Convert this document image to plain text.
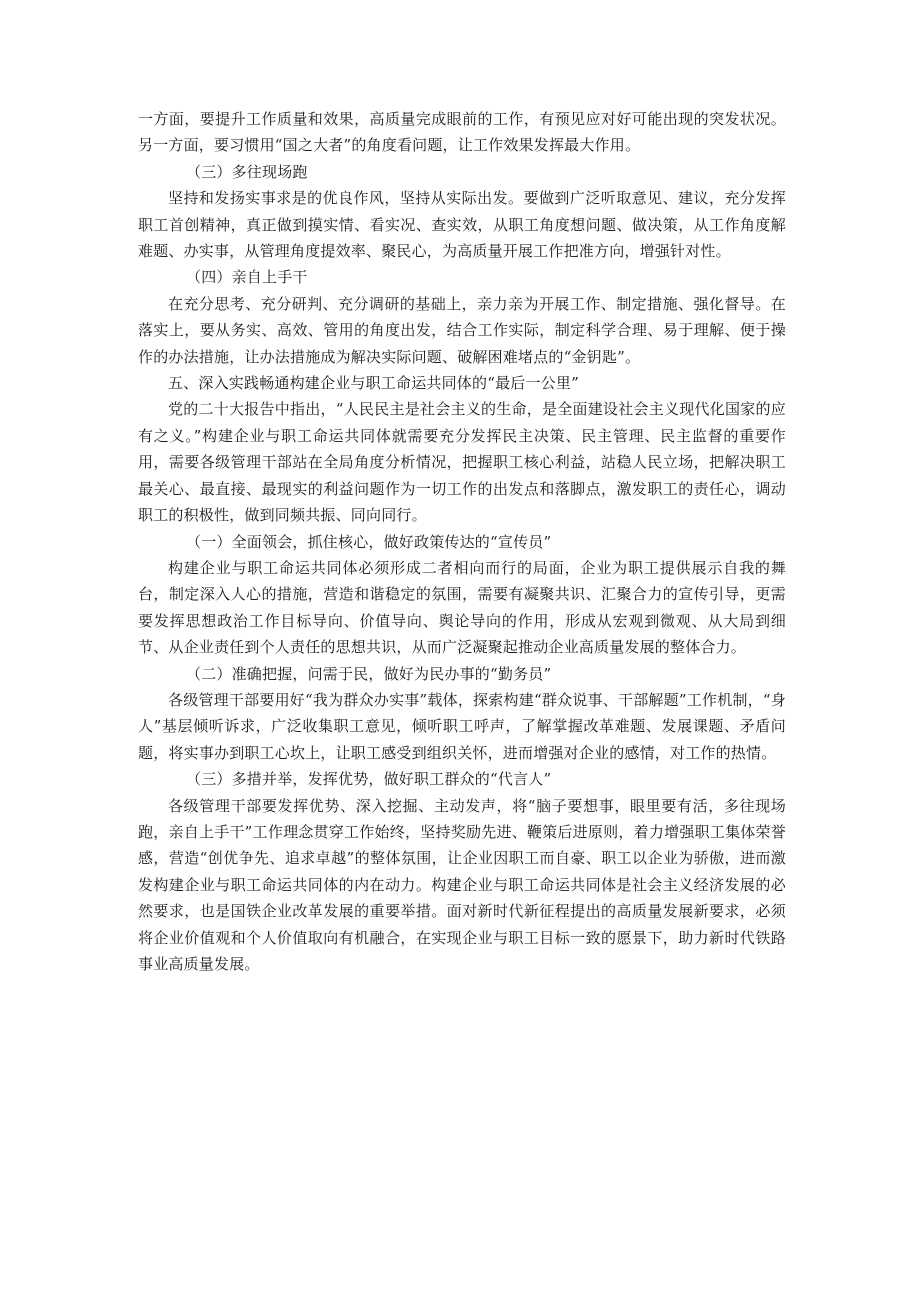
一方面，要提升工作质量和效果，高质量完成眼前的工作，有预见应对好可能出现的突发状况。另一方面，要习惯用“国之大者”的角度看问题，让工作效果发挥最大作用。

（三）多往现场跑

坚持和发扬实事求是的优良作风，坚持从实际出发。要做到广泛听取意见、建议，充分发挥职工首创精神，真正做到摸实情、看实况、查实效，从职工角度想问题、做决策，从工作角度解难题、办实事，从管理角度提效率、聚民心，为高质量开展工作把准方向，增强针对性。

（四）亲自上手干

在充分思考、充分研判、充分调研的基础上，亲力亲为开展工作、制定措施、强化督导。在落实上，要从务实、高效、管用的角度出发，结合工作实际，制定科学合理、易于理解、便于操作的办法措施，让办法措施成为解决实际问题、破解困难堵点的“金钥匙”。

五、深入实践畅通构建企业与职工命运共同体的“最后一公里”

党的二十大报告中指出，“人民民主是社会主义的生命，是全面建设社会主义现代化国家的应有之义。”构建企业与职工命运共同体就需要充分发挥民主决策、民主管理、民主监督的重要作用，需要各级管理干部站在全局角度分析情况，把握职工核心利益，站稳人民立场，把解决职工最关心、最直接、最现实的利益问题作为一切工作的出发点和落脚点，激发职工的责任心，调动职工的积极性，做到同频共振、同向同行。

（一）全面领会，抓住核心，做好政策传达的“宣传员”

构建企业与职工命运共同体必须形成二者相向而行的局面，企业为职工提供展示自我的舞台，制定深入人心的措施，营造和谐稳定的氛围，需要有凝聚共识、汇聚合力的宣传引导，更需要发挥思想政治工作目标导向、价值导向、舆论导向的作用，形成从宏观到微观、从大局到细节、从企业责任到个人责任的思想共识，从而广泛凝聚起推动企业高质量发展的整体合力。

（二）准确把握，问需于民，做好为民办事的“勤务员”

各级管理干部要用好“我为群众办实事”载体，探索构建“群众说事、干部解题”工作机制，“身人”基层倾听诉求，广泛收集职工意见，倾听职工呼声，了解掌握改革难题、发展课题、矛盾问题，将实事办到职工心坎上，让职工感受到组织关怀，进而增强对企业的感情，对工作的热情。

（三）多措并举，发挥优势，做好职工群众的“代言人”

各级管理干部要发挥优势、深入挖掘、主动发声，将“脑子要想事，眼里要有活，多往现场跑，亲自上手干”工作理念贯穿工作始终，坚持奖励先进、鞭策后进原则，着力增强职工集体荣誉感，营造“创优争先、追求卓越”的整体氛围，让企业因职工而自豪、职工以企业为骄傲，进而激发构建企业与职工命运共同体的内在动力。构建企业与职工命运共同体是社会主义经济发展的必然要求，也是国铁企业改革发展的重要举措。面对新时代新征程提出的高质量发展新要求，必须将企业价值观和个人价值取向有机融合，在实现企业与职工目标一致的愿景下，助力新时代铁路事业高质量发展。
